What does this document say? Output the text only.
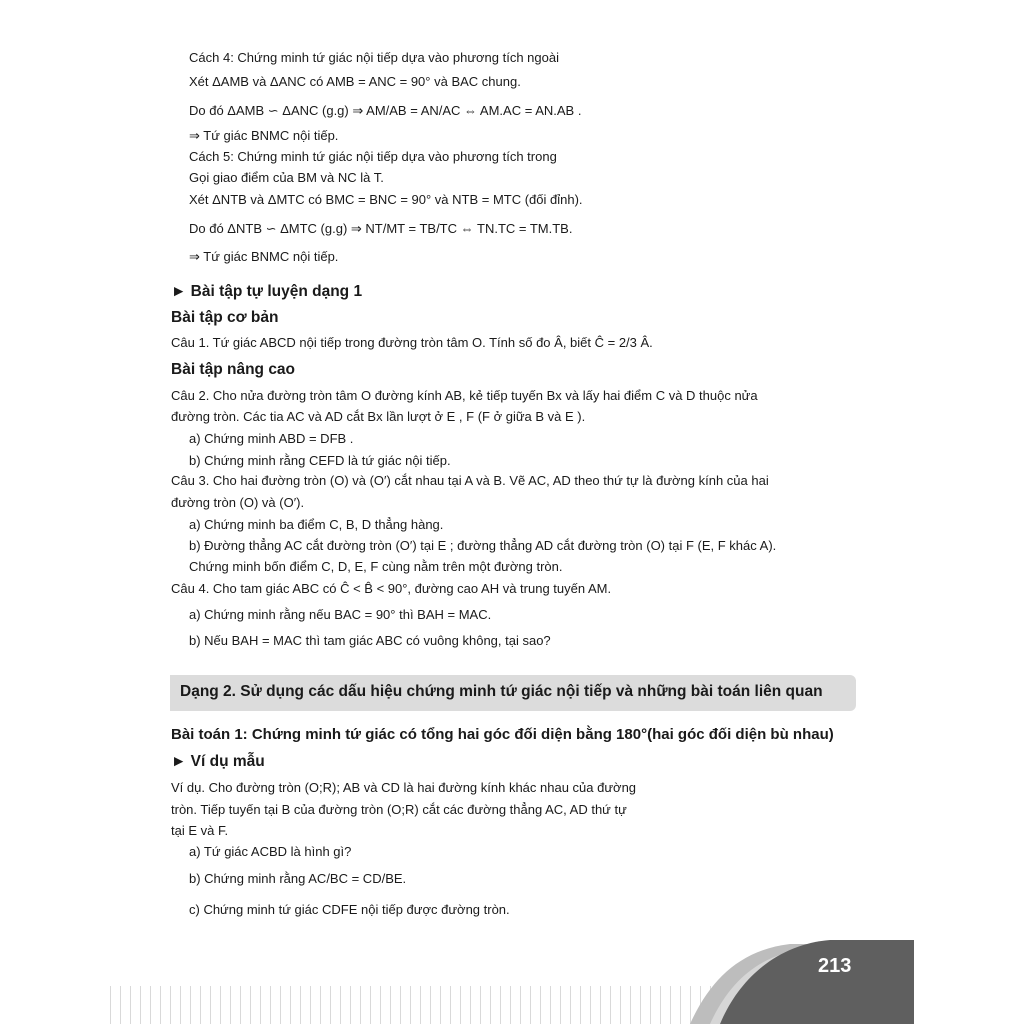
Cách 4: Chứng minh tứ giác nội tiếp dựa vào phương tích ngoài
Xét ΔAMB và ΔANC có AMB = ANC = 90° và BAC chung.
Do đó ΔAMB ∽ ΔANC (g.g) ⇒ AM/AB = AN/AC ⇔ AM.AC = AN.AB .
⇒ Tứ giác BNMC nội tiếp.
Cách 5: Chứng minh tứ giác nội tiếp dựa vào phương tích trong
Gọi giao điểm của BM và NC là T.
Xét ΔNTB và ΔMTC có BMC = BNC = 90° và NTB = MTC (đối đỉnh).
Do đó ΔNTB ∽ ΔMTC (g.g) ⇒ NT/MT = TB/TC ⇔ TN.TC = TM.TB.
⇒ Tứ giác BNMC nội tiếp.
► Bài tập tự luyện dạng 1
Bài tập cơ bản
Câu 1. Tứ giác ABCD nội tiếp trong đường tròn tâm O. Tính số đo Â, biết Ĉ = 2/3 Â.
Bài tập nâng cao
Câu 2. Cho nửa đường tròn tâm O đường kính AB, kẻ tiếp tuyến Bx và lấy hai điểm C và D thuộc nửa
đường tròn. Các tia AC và AD cắt Bx lần lượt ở E , F (F ở giữa B và E ).
a) Chứng minh ABD = DFB .
b) Chứng minh rằng CEFD là tứ giác nội tiếp.
Câu 3. Cho hai đường tròn (O) và (O′) cắt nhau tại A và B. Vẽ AC, AD theo thứ tự là đường kính của hai
đường tròn (O) và (O′).
a) Chứng minh ba điểm C, B, D thẳng hàng.
b) Đường thẳng AC cắt đường tròn (O′) tại E ; đường thẳng AD cắt đường tròn (O) tại F (E, F khác A).
Chứng minh bốn điểm C, D, E, F cùng nằm trên một đường tròn.
Câu 4. Cho tam giác ABC có Ĉ < B̂ < 90°, đường cao AH và trung tuyến AM.
a) Chứng minh rằng nếu BAC = 90° thì BAH = MAC.
b) Nếu BAH = MAC thì tam giác ABC có vuông không, tại sao?
Dạng 2. Sử dụng các dấu hiệu chứng minh tứ giác nội tiếp và những bài toán liên quan
Bài toán 1: Chứng minh tứ giác có tổng hai góc đối diện bằng 180°(hai góc đối diện bù nhau)
► Ví dụ mẫu
Ví dụ. Cho đường tròn (O;R); AB và CD là hai đường kính khác nhau của đường
tròn. Tiếp tuyến tại B của đường tròn (O;R) cắt các đường thẳng AC, AD thứ tự
tại E và F.
a) Tứ giác ACBD là hình gì?
b) Chứng minh rằng AC/BC = CD/BE.
c) Chứng minh tứ giác CDFE nội tiếp được đường tròn.
213
